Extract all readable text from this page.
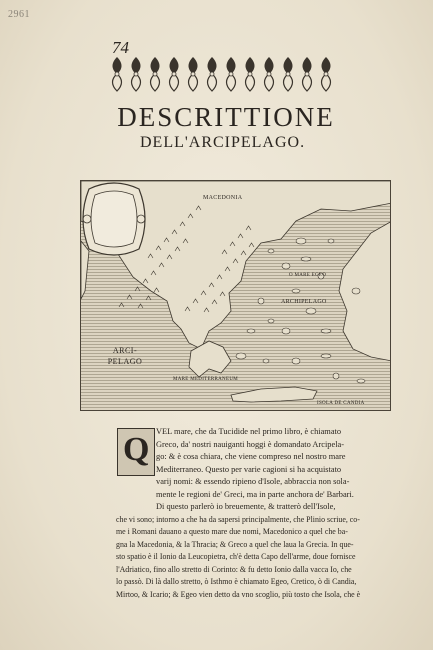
2961
74
DESCRITTIONE
DELL'ARCIPELAGO.
MACEDONIA
ARCHIPELAGO
O MARE EGEO
MARE MEDITERRANEUM
ISOLA DE CANDIA
ARCI-
PELAGO
Q VEL mare, che da Tucidide nel primo libro, è chiamato
Greco, da' nostri nauiganti hoggi è domandato Arcipela-
go: & è cosa chiara, che viene compreso nel nostro mare
Mediterraneo. Questo per varie cagioni si ha acquistato
varij nomi: & essendo ripieno d'Isole, abbraccia non sola-
mente le regioni de' Greci, ma in parte anchora de' Barbari.
Di questo parlerò io breuemente, & tratterò dell'Isole,
che vi sono; intorno a che ha da sapersi principalmente, che Plinio scriue, co-
me i Romani dauano a questo mare due nomi, Macedonico a quel che ba-
gna la Macedonia, & la Thracia; & Greco a quel che laua la Grecia. In que-
sto spatio è il Ionio da Leucopietra, ch'è detta Capo dell'arme, doue fornisce
l'Adriatico, fino allo stretto di Corinto: & fu detto Ionio dalla vacca Io, che
lo passò. Di là dallo stretto, ò Isthmo è chiamato Egeo, Cretico, ò di Candia,
Mirtoo, & Icario; & Egeo vien detto da vno scoglio, più tosto che Isola, che è
